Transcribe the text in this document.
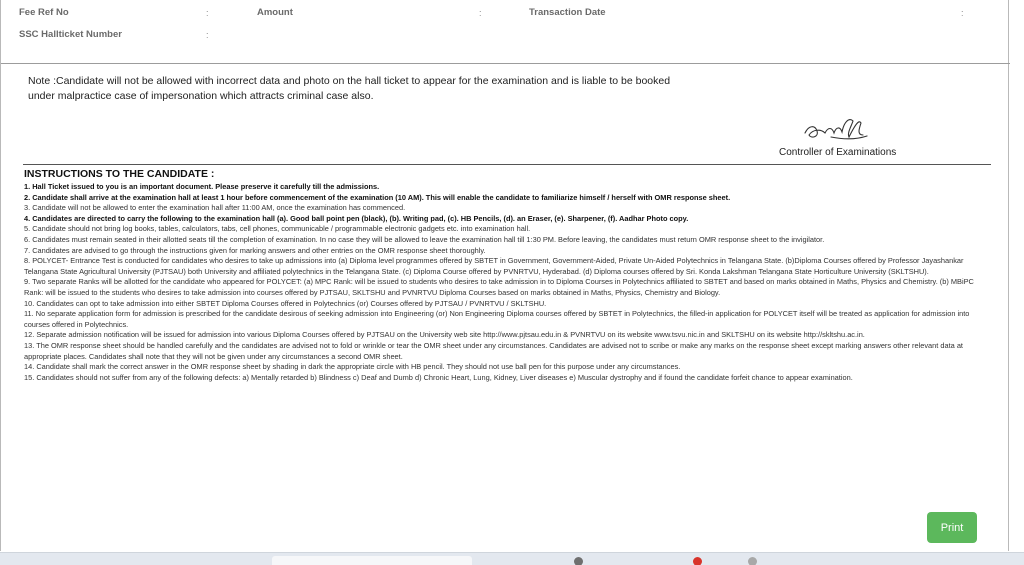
Fee Ref No	:	Amount	:	Transaction Date	:
SSC Hallticket Number	:

Note :Candidate will not be allowed with incorrect data and photo on the hall ticket to appear for the examination and is liable to be booked under malpractice case of impersonation which attracts criminal case also.

Controller of Examinations
INSTRUCTIONS TO THE CANDIDATE :
1. Hall Ticket issued to you is an important document. Please preserve it carefully till the admissions.
2. Candidate shall arrive at the examination hall at least 1 hour before commencement of the examination (10 AM). This will enable the candidate to familiarize himself / herself with OMR response sheet.
3. Candidate will not be allowed to enter the examination hall after 11:00 AM, once the examination has commenced.
4. Candidates are directed to carry the following to the examination hall (a). Good ball point pen (black), (b). Writing pad, (c). HB Pencils, (d). an Eraser, (e). Sharpener, (f). Aadhar Photo copy.
5. Candidate should not bring log books, tables, calculators, tabs, cell phones, communicable / programmable electronic gadgets etc. into examination hall.
6. Candidates must remain seated in their allotted seats till the completion of examination. In no case they will be allowed to leave the examination hall till 1:30 PM. Before leaving, the candidates must return OMR response sheet to the invigilator.
7. Candidates are advised to go through the instructions given for marking answers and other entries on the OMR response sheet thoroughly.
8. POLYCET- Entrance Test is conducted for candidates who desires to take up admissions into (a) Diploma level programmes offered by SBTET in Government, Government-Aided, Private Un-Aided Polytechnics in Telangana State. (b)Diploma Courses offered by Professor Jayashankar Telangana State Agricultural University (PJTSAU) both University and affiliated polytechnics in the Telangana State. (c) Diploma Course offered by PVNRTVU, Hyderabad. (d) Diploma courses offered by Sri. Konda Lakshman Telangana State Horticulture University (SKLTSHU).
9. Two separate Ranks will be allotted for the candidate who appeared for POLYCET: (a) MPC Rank: will be issued to students who desires to take admission in to Diploma Courses in Polytechnics affiliated to SBTET and based on marks obtained in Maths, Physics and Chemistry. (b) MBiPC Rank: will be issued to the students who desires to take admission into courses offered by PJTSAU, SKLTSHU and PVNRTVU Diploma Courses based on marks obtained in Maths, Physics, Chemistry and Biology.
10. Candidates can opt to take admission into either SBTET Diploma Courses offered in Polytechnics (or) Courses offered by PJTSAU / PVNRTVU / SKLTSHU.
11. No separate application form for admission is prescribed for the candidate desirous of seeking admission into Engineering (or) Non Engineering Diploma courses offered by SBTET in Polytechnics, the filled-in application for POLYCET itself will be treated as application for admission into courses offered in Polytechnics.
12. Separate admission notification will be issued for admission into various Diploma Courses offered by PJTSAU on the University web site http://www.pjtsau.edu.in & PVNRTVU on its website www.tsvu.nic.in and SKLTSHU on its website http://skltshu.ac.in.
13. The OMR response sheet should be handled carefully and the candidates are advised not to fold or wrinkle or tear the OMR sheet under any circumstances. Candidates are advised not to scribe or make any marks on the response sheet except marking answers other relevant data at appropriate places. Candidates shall note that they will not be given under any circumstances a second OMR sheet.
14. Candidate shall mark the correct answer in the OMR response sheet by shading in dark the appropriate circle with HB pencil. They should not use ball pen for this purpose under any circumstances.
15. Candidates should not suffer from any of the following defects: a) Mentally retarded b) Blindness c) Deaf and Dumb d) Chronic Heart, Lung, Kidney, Liver diseases e) Muscular dystrophy and if found the candidate forfeit chance to appear examination.
Print
